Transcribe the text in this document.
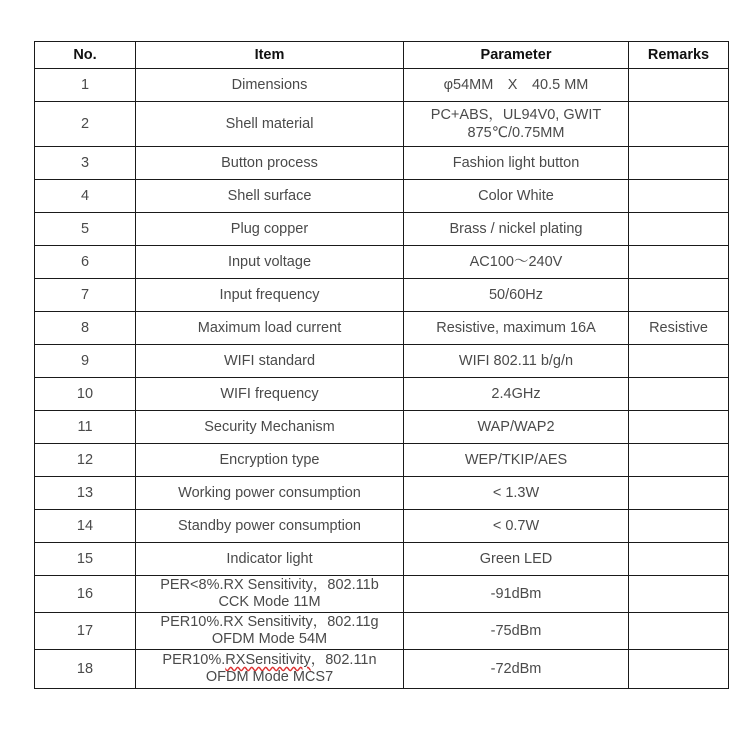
No.	Item	Parameter	Remarks
1	Dimensions	φ54MM　X　40.5 MM	
2	Shell material	PC+ABS，UL94V0, GWIT
875℃/0.75MM	
3	Button process	Fashion light button	
4	Shell surface	Color White	
5	Plug copper	Brass / nickel plating	
6	Input voltage	AC100～240V	
7	Input frequency	50/60Hz	
8	Maximum load current	Resistive, maximum 16A	Resistive
9	WIFI standard	WIFI 802.11 b/g/n	
10	WIFI frequency	2.4GHz	
11	Security Mechanism	WAP/WAP2	
12	Encryption type	WEP/TKIP/AES	
13	Working power consumption	< 1.3W	
14	Standby power consumption	< 0.7W	
15	Indicator light	Green LED	
16	PER<8%.RX Sensitivity，802.11b
CCK Mode 11M	-91dBm	
17	PER10%.RX Sensitivity，802.11g
OFDM Mode 54M	-75dBm	
18	PER10%.RXSensitivity，802.11n
OFDM Mode MCS7	-72dBm	
